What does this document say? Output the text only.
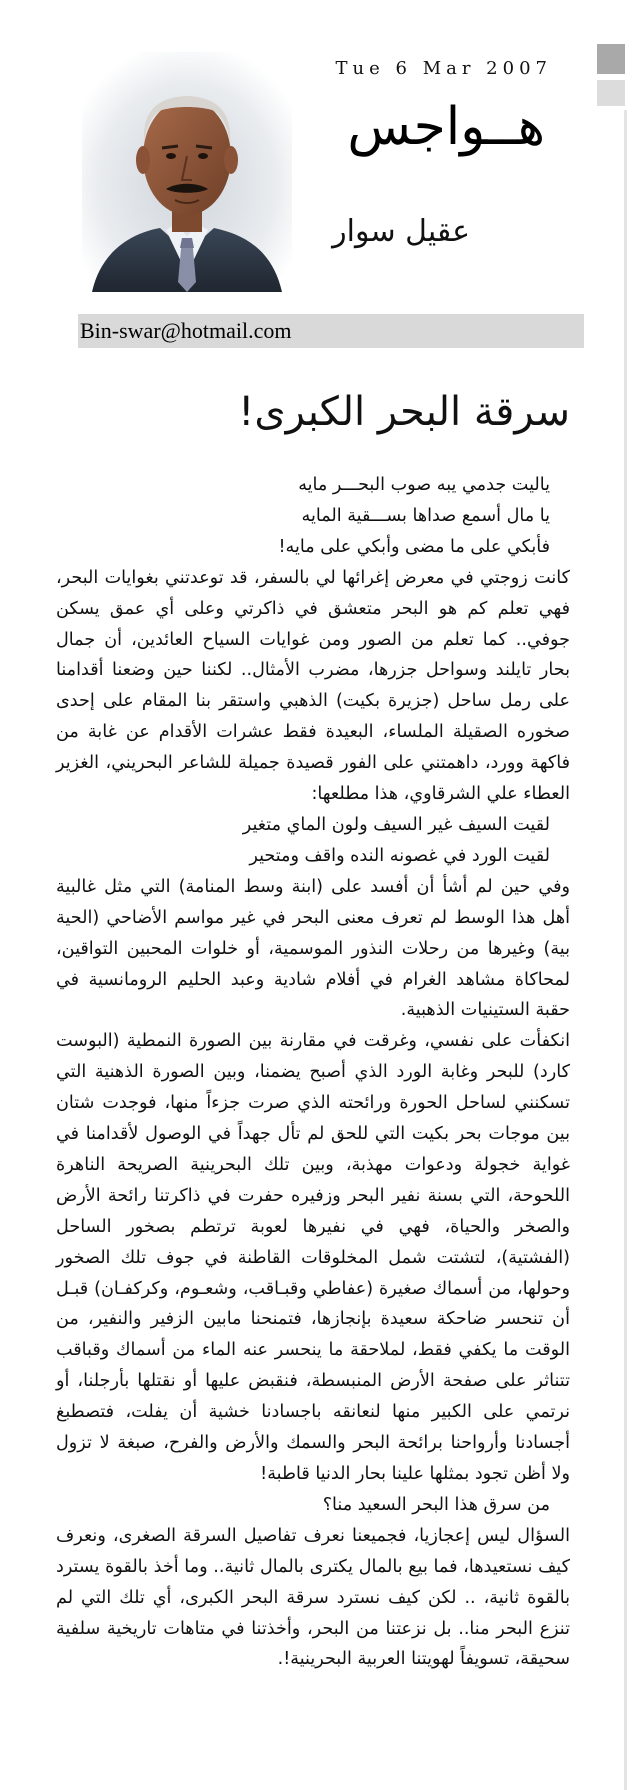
Tue 6 Mar 2007
هــواجس
عقيل سوار
Bin-swar@hotmail.com
سرقة البحر الكبرى!

ياليت جدمي يبه صوب البحـــر مايه

يا مال أسمع صداها بســـقية المايه

فأبكي على ما مضى وأبكي على مايه!

كانت زوجتي في معرض إغرائها لي بالسفر، قد توعدتني بغوايات البحر، فهي تعلم كم هو البحر متعشق في ذاكرتي وعلى أي عمق يسكن جوفي.. كما تعلم من الصور ومن غوايات السياح العائدين، أن جمال بحار تايلند وسواحل جزرها، مضرب الأمثال.. لكننا حين وضعنا أقدامنا على رمل ساحل (جزيرة بكيت) الذهبي واستقر بنا المقام على إحدى صخوره الصقيلة الملساء، البعيدة فقط عشرات الأقدام عن غابة من فاكهة وورد، داهمتني على الفور قصيدة جميلة للشاعر البحريني، الغزير العطاء علي الشرقاوي، هذا مطلعها:

لقيت السيف غير السيف ولون الماي متغير

لقيت الورد في غصونه النده واقف ومتحير

وفي حين لم أشأ أن أفسد على (ابنة وسط المنامة) التي مثل غالبية أهل هذا الوسط لم تعرف معنى البحر في غير مواسم الأضاحي (الحية بية) وغيرها من رحلات النذور الموسمية، أو خلوات المحبين التواقين، لمحاكاة مشاهد الغرام في أفلام شادية وعبد الحليم الرومانسية في حقبة الستينيات الذهبية.

انكفأت على نفسي، وغرقت في مقارنة بين الصورة النمطية (البوست كارد) للبحر وغابة الورد الذي أصبح يضمنا، وبين الصورة الذهنية التي تسكنني لساحل الحورة ورائحته الذي صرت جزءاً منها، فوجدت شتان بين موجات بحر بكيت التي للحق لم تأل جهداً في الوصول لأقدامنا في غواية خجولة ودعوات مهذبة، وبين تلك البحرينية الصريحة الناهرة اللحوحة، التي بسنة نفير البحر وزفيره حفرت في ذاكرتنا رائحة الأرض والصخر والحياة، فهي في نفيرها لعوبة ترتطم بصخور الساحل (الفشتية)، لتشتت شمل المخلوقات القاطنة في جوف تلك الصخور وحولها، من أسماك صغيرة (عفاطي وقبـاقب، وشعـوم، وكركفـان) قبـل أن تنحسر ضاحكة سعيدة بإنجازها، فتمنحنا مابين الزفير والنفير، من الوقت ما يكفي فقط، لملاحقة ما ينحسر عنه الماء من أسماك وقباقب تتناثر على صفحة الأرض المنبسطة، فنقبض عليها أو نقتلها بأرجلنا، أو نرتمي على الكبير منها لنعانقه باجسادنا خشية أن يفلت، فتصطبغ أجسادنا وأرواحنا برائحة البحر والسمك والأرض والفرح، صبغة لا تزول ولا أظن تجود بمثلها علينا بحار الدنيا قاطبة!

من سرق هذا البحر السعيد منا؟

السؤال ليس إعجازيا، فجميعنا نعرف تفاصيل السرقة الصغرى، ونعرف كيف نستعيدها، فما بيع بالمال يكترى بالمال ثانية.. وما أخذ بالقوة يسترد بالقوة ثانية، .. لكن كيف نسترد سرقة البحر الكبرى، أي تلك التي لم تنزع البحر منا.. بل نزعتنا من البحر، وأخذتنا في متاهات تاريخية سلفية سحيقة، تسويفاً لهويتنا العربية البحرينية!.
